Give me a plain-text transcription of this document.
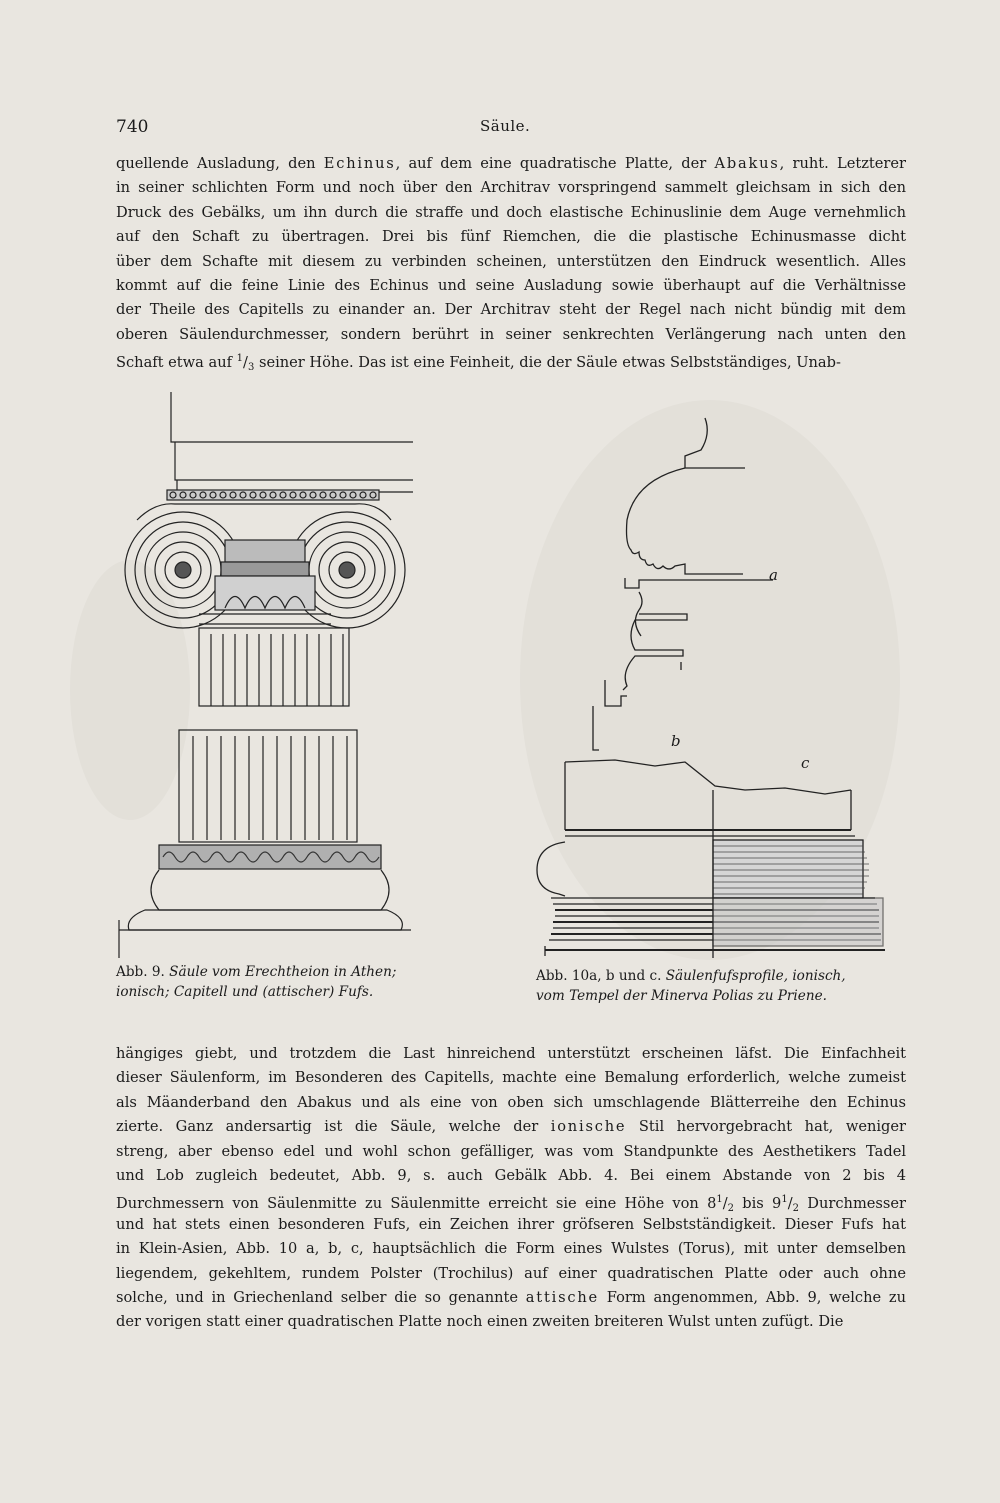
740	Säule.
quellende Ausladung, den Echinus, auf dem eine quadratische Platte, der Abakus, ruht. Letzterer
in seiner schlichten Form und noch über den Architrav vorspringend sammelt gleichsam in sich den
Druck des Gebälks, um ihn durch die straffe und doch elastische Echinuslinie dem Auge vernehmlich
auf den Schaft zu übertragen. Drei bis fünf Riemchen, die die plastische Echinusmasse dicht
über dem Schafte mit diesem zu verbinden scheinen, unterstützen den Eindruck wesentlich. Alles
kommt auf die feine Linie des Echinus und seine Ausladung sowie überhaupt auf die Verhältnisse
der Theile des Capitells zu einander an. Der Architrav steht der Regel nach nicht bündig mit dem
oberen Säulendurchmesser, sondern berührt in seiner senkrechten Verlängerung nach unten den
Schaft etwa auf $^1/_3$ seiner Höhe. Das ist eine Feinheit, die der Säule etwas Selbstständiges, Unab-
Abb. 9. Säule vom Erechtheion in Athen;
ionisch; Capitell und (attischer) Fufs.
a
b
c
Abb. 10a, b und c. Säulenfufsprofile, ionisch,
vom Tempel der Minerva Polias zu Priene.
hängiges giebt, und trotzdem die Last hinreichend unterstützt erscheinen läfst. Die Einfachheit
dieser Säulenform, im Besonderen des Capitells, machte eine Bemalung erforderlich, welche zumeist
als Mäanderband den Abakus und als eine von oben sich umschlagende Blätterreihe den Echinus
zierte. Ganz andersartig ist die Säule, welche der ionische Stil hervorgebracht hat, weniger
streng, aber ebenso edel und wohl schon gefälliger, was vom Standpunkte des Aesthetikers Tadel
und Lob zugleich bedeutet, Abb. 9, s. auch Gebälk Abb. 4. Bei einem Abstande von 2 bis 4
Durchmessern von Säulenmitte zu Säulenmitte erreicht sie eine Höhe von $8^1/_2$ bis $9^1/_2$ Durchmesser
und hat stets einen besonderen Fufs, ein Zeichen ihrer gröfseren Selbstständigkeit. Dieser Fufs hat
in Klein-Asien, Abb. 10 a, b, c, hauptsächlich die Form eines Wulstes (Torus), mit unter demselben
liegendem, gekehltem, rundem Polster (Trochilus) auf einer quadratischen Platte oder auch ohne
solche, und in Griechenland selber die so genannte attische Form angenommen, Abb. 9, welche zu
der vorigen statt einer quadratischen Platte noch einen zweiten breiteren Wulst unten zufügt. Die
